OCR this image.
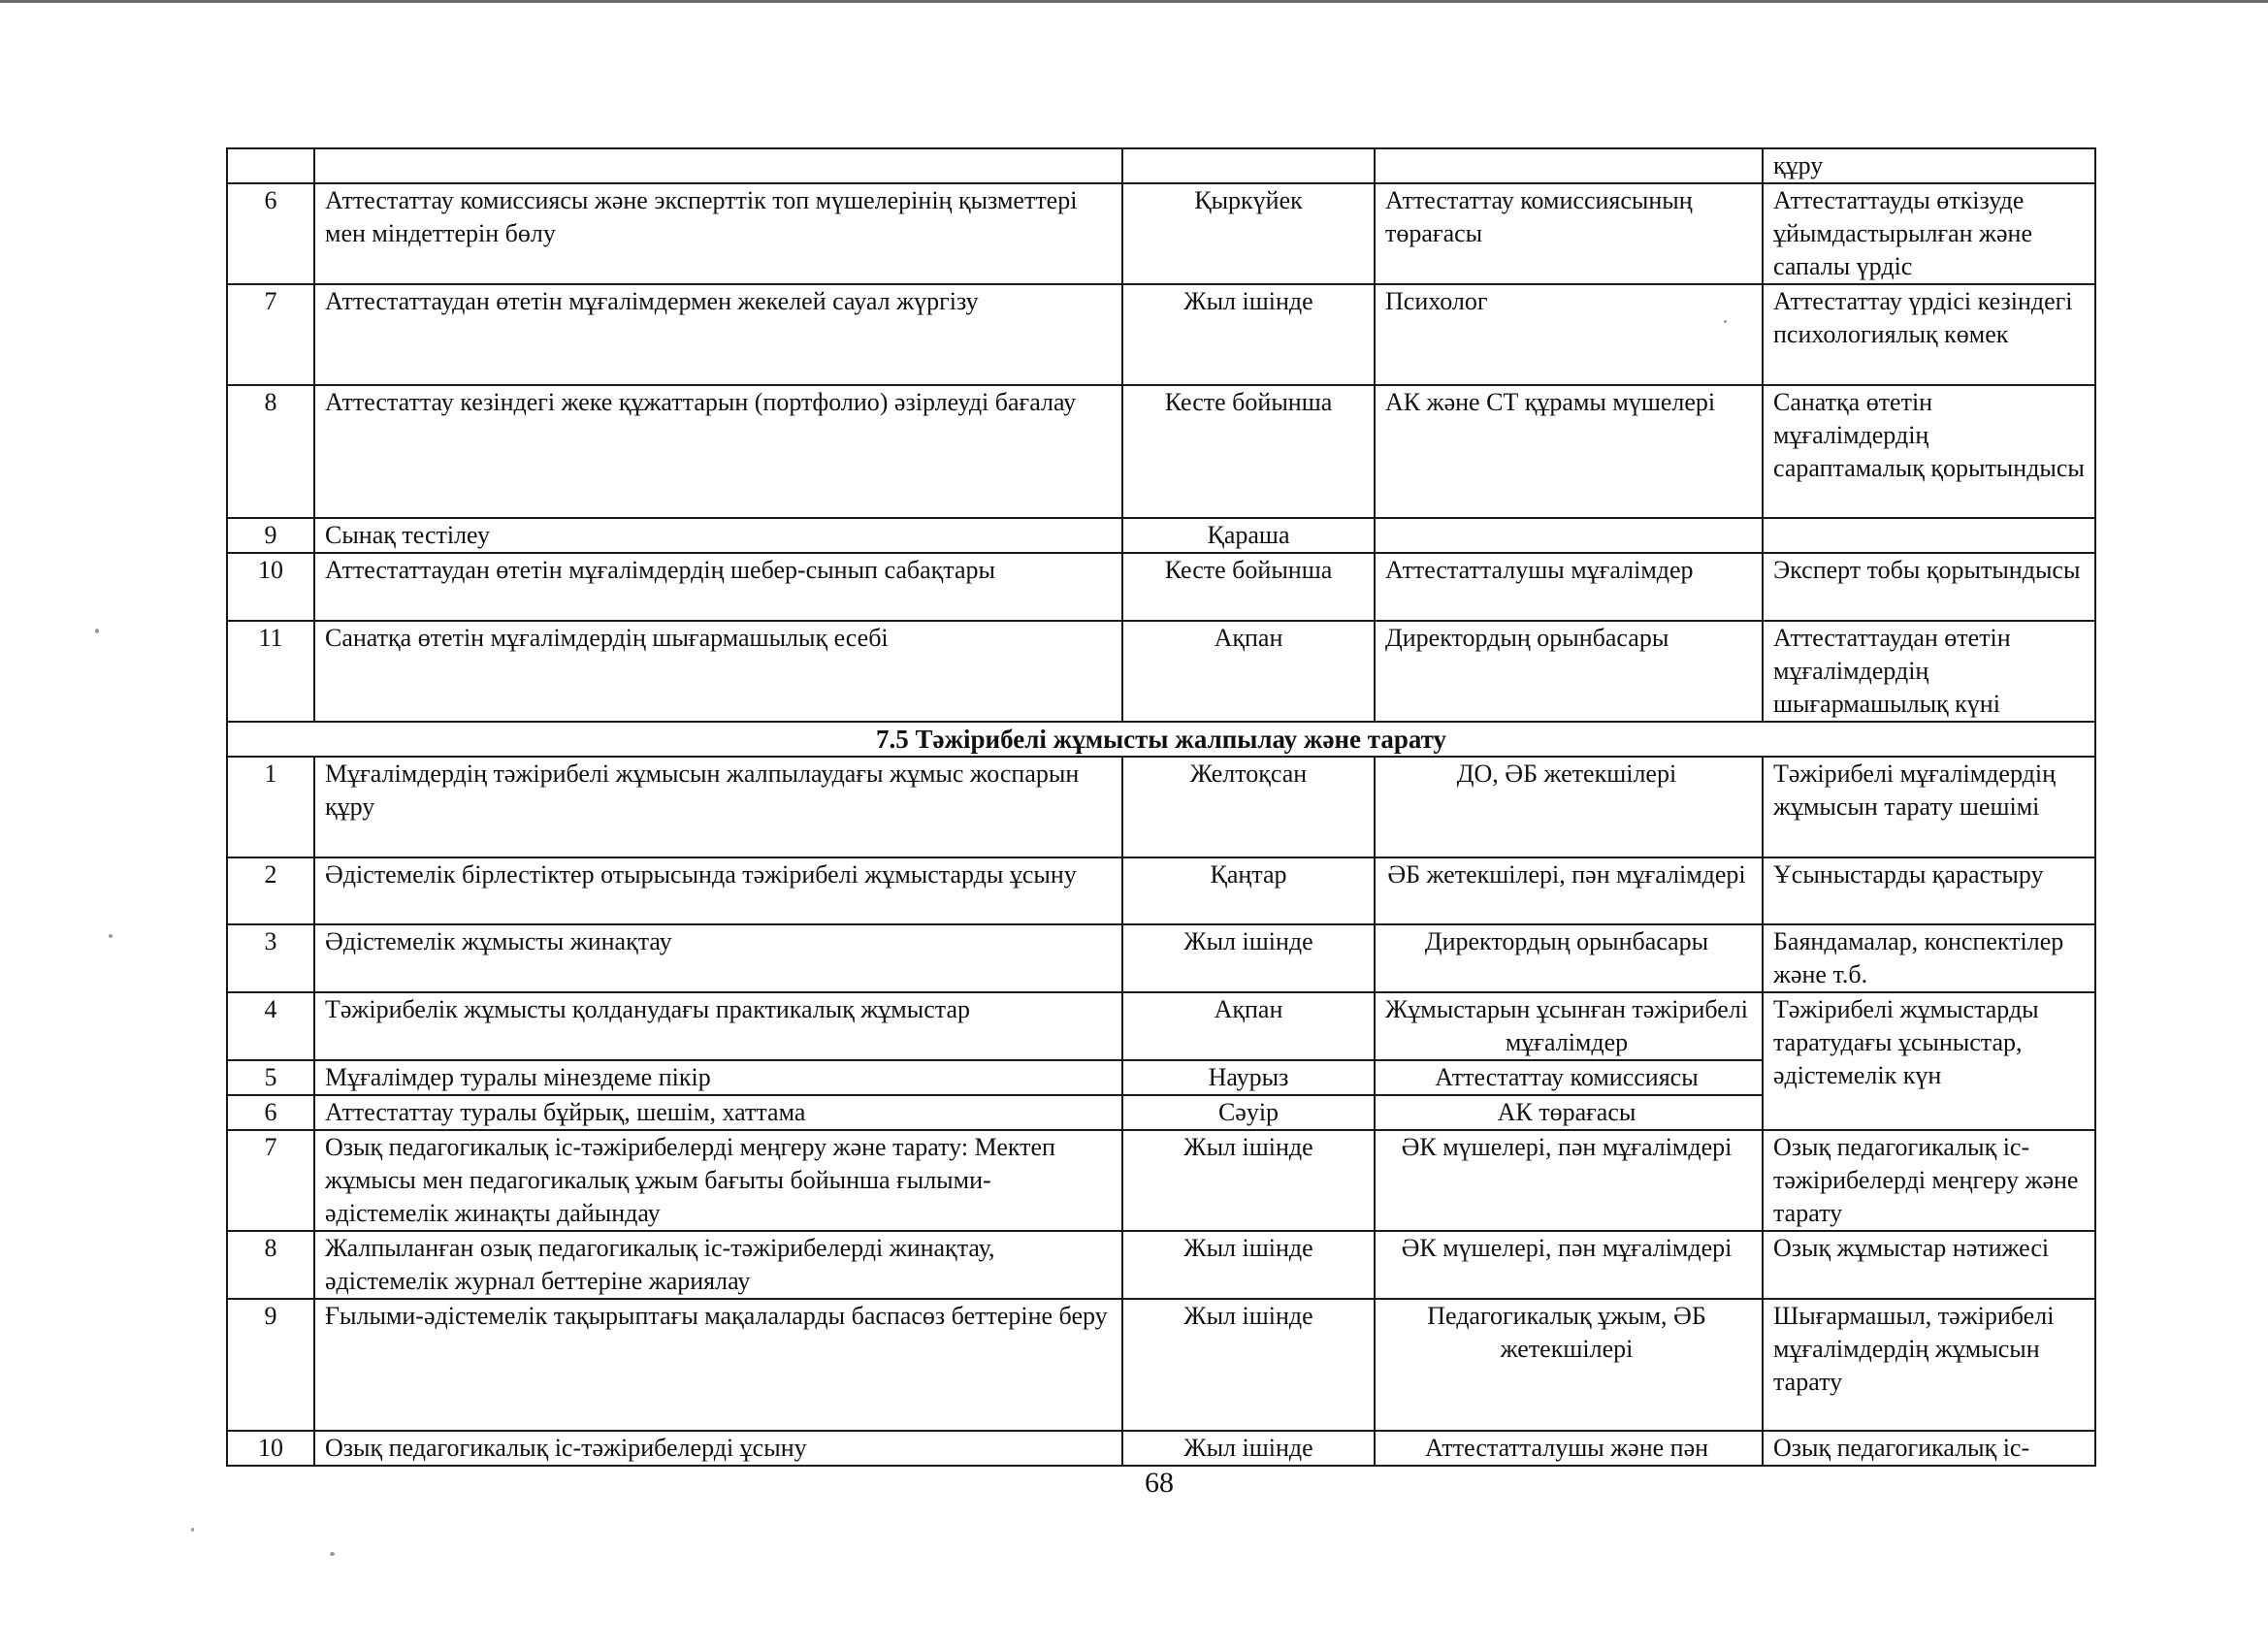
				құру
6	Аттестаттау комиссиясы және эксперттік топ мүшелерінің қызметтері мен міндеттерін бөлу	Қыркүйек	Аттестаттау комиссиясының төрағасы	Аттестаттауды өткізуде ұйымдастырылған және сапалы үрдіс
7	Аттестаттаудан өтетін мұғалімдермен жекелей сауал жүргізу	Жыл ішінде	Психолог	Аттестаттау үрдісі кезіндегі психологиялық көмек
8	Аттестаттау кезіндегі жеке құжаттарын (портфолио) әзірлеуді бағалау	Кесте бойынша	АК және СТ құрамы мүшелері	Санатқа өтетін мұғалімдердің сараптамалық қорытындысы
9	Сынақ тестілеу	Қараша		
10	Аттестаттаудан өтетін мұғалімдердің шебер-сынып сабақтары	Кесте бойынша	Аттестатталушы мұғалімдер	Эксперт тобы қорытындысы
11	Санатқа өтетін мұғалімдердің шығармашылық есебі	Ақпан	Директордың орынбасары	Аттестаттаудан өтетін мұғалімдердің шығармашылық күні
7.5 Тәжірибелі жұмысты жалпылау және тарату				
1	Мұғалімдердің тәжірибелі жұмысын жалпылаудағы жұмыс жоспарын құру	Желтоқсан	ДО, ӘБ жетекшілері	Тәжірибелі мұғалімдердің жұмысын тарату шешімі
2	Әдістемелік бірлестіктер отырысында тәжірибелі жұмыстарды ұсыну	Қаңтар	ӘБ жетекшілері, пән мұғалімдері	Ұсыныстарды қарастыру
3	Әдістемелік жұмысты жинақтау	Жыл ішінде	Директордың орынбасары	Баяндамалар, конспектілер және т.б.
4	Тәжірибелік жұмысты қолданудағы практикалық жұмыстар	Ақпан	Жұмыстарын ұсынған тәжірибелі мұғалімдер	Тәжірибелі жұмыстарды таратудағы ұсыныстар, әдістемелік күн
5	Мұғалімдер туралы мінездеме пікір	Наурыз	Аттестаттау комиссиясы	
6	Аттестаттау туралы бұйрық, шешім, хаттама	Сәуір	АК төрағасы	
7	Озық педагогикалық іс-тәжірибелерді меңгеру және тарату: Мектеп жұмысы мен педагогикалық ұжым бағыты бойынша ғылыми-әдістемелік жинақты дайындау	Жыл ішінде	ӘК мүшелері, пән мұғалімдері	Озық педагогикалық іс-тәжірибелерді меңгеру және тарату
8	Жалпыланған озық педагогикалық іс-тәжірибелерді жинақтау, әдістемелік журнал беттеріне жариялау	Жыл ішінде	ӘК мүшелері, пән мұғалімдері	Озық жұмыстар нәтижесі
9	Ғылыми-әдістемелік тақырыптағы мақалаларды баспасөз беттеріне беру	Жыл ішінде	Педагогикалық ұжым, ӘБ жетекшілері	Шығармашыл, тәжірибелі мұғалімдердің жұмысын тарату
10	Озық педагогикалық іс-тәжірибелерді ұсыну	Жыл ішінде	Аттестатталушы және пән	Озық педагогикалық іс-
68
